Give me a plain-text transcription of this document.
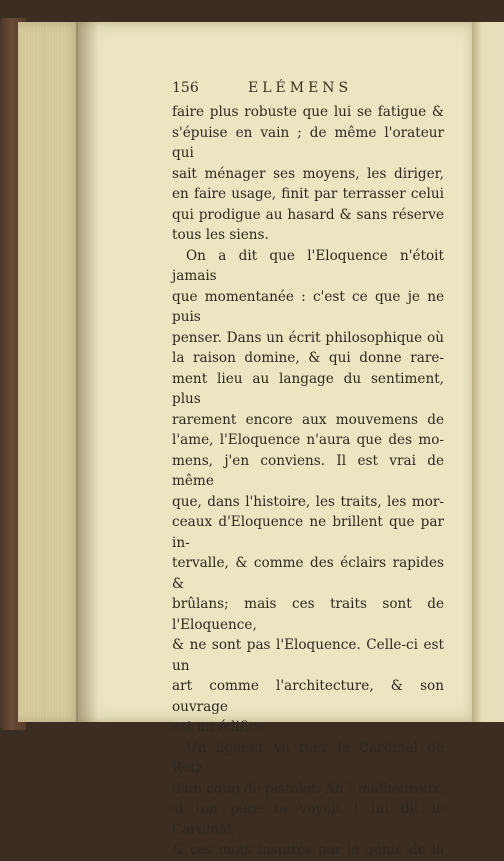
156	ELÉMENS

faire plus robuste que lui se fatigue &

s'épuise en vain ; de même l'orateur qui

sait ménager ses moyens, les diriger,

en faire usage, finit par terrasser celui

qui prodigue au hasard & sans réserve

tous les siens.

On a dit que l'Eloquence n'étoit jamais

que momentanée : c'est ce que je ne puis

penser. Dans un écrit philosophique où

la raison domine, & qui donne rare-

ment lieu au langage du sentiment, plus

rarement encore aux mouvemens de

l'ame, l'Eloquence n'aura que des mo-

mens, j'en conviens. Il est vrai de même

que, dans l'histoire, les traits, les mor-

ceaux d'Eloquence ne brillent que par in-

tervalle, & comme des éclairs rapides &

brûlans; mais ces traits sont de l'Eloquence,

& ne sont pas l'Eloquence. Celle-ci est un

art comme l'architecture, & son ouvrage

est un édifice.

Un ligueur va tuer le Cardinal de Retz

d'un coup de pistolet. Ah ! malheureux,

si ton père te voyoit ! lui dit le Cardinal;

& ces mots inspirés par le génie de la
